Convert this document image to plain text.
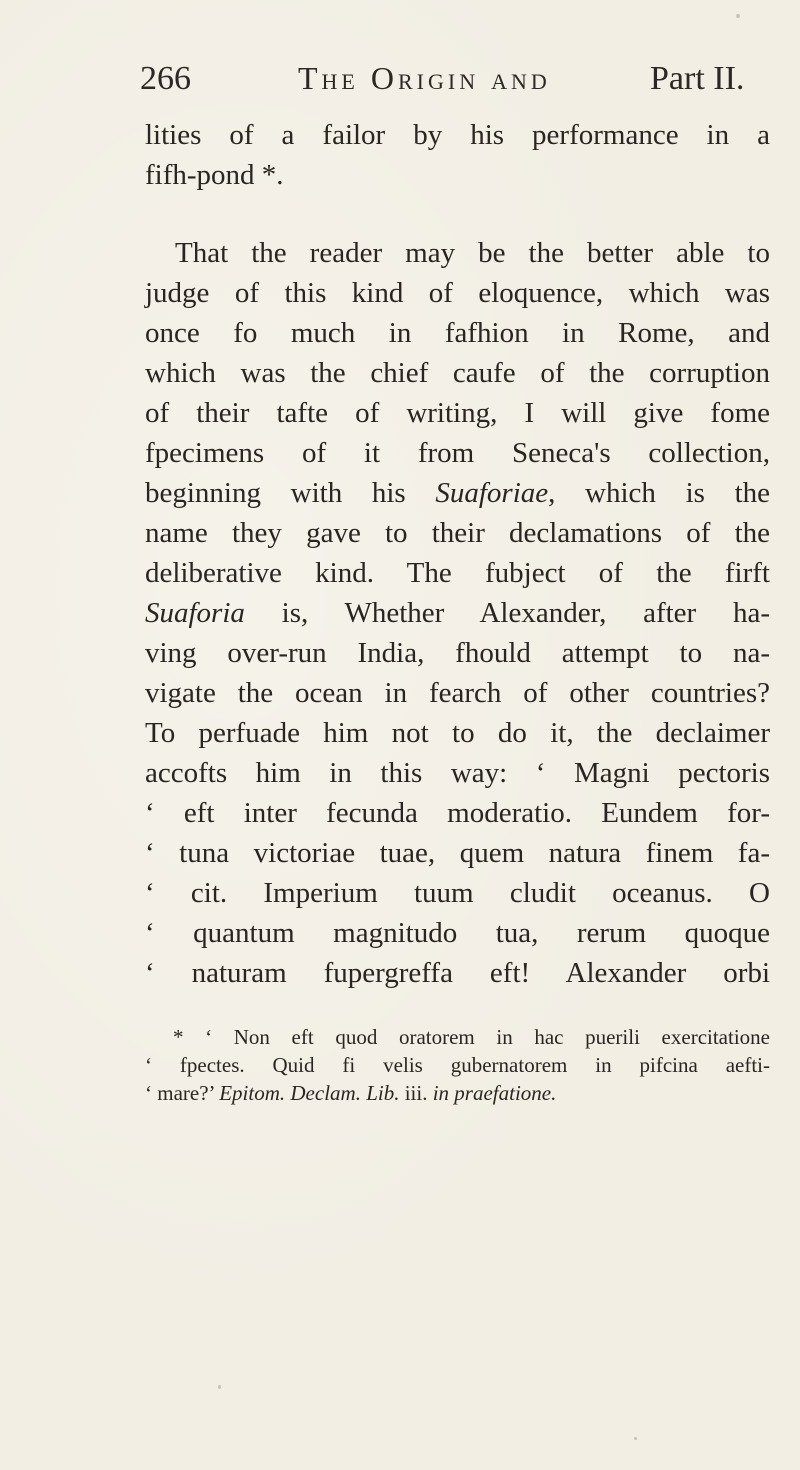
266	The Origin and	Part II.
lities of a failor by his performance in a
fifh-pond *.
That the reader may be the better able to
judge of this kind of eloquence, which was
once fo much in fafhion in Rome, and
which was the chief caufe of the corruption
of their tafte of writing, I will give fome
fpecimens of it from Seneca's collection,
beginning with his Suaforiae, which is the
name they gave to their declamations of the
deliberative kind. The fubject of the firft
Suaforia is, Whether Alexander, after ha-
ving over-run India, fhould attempt to na-
vigate the ocean in fearch of other countries?
To perfuade him not to do it, the declaimer
accofts him in this way: ‘ Magni pectoris
‘ eft inter fecunda moderatio. Eundem for-
‘ tuna victoriae tuae, quem natura finem fa-
‘ cit. Imperium tuum cludit oceanus. O
‘ quantum magnitudo tua, rerum quoque
‘ naturam fupergreffa eft! Alexander orbi
* ‘ Non eft quod oratorem in hac puerili exercitatione
‘ fpectes. Quid fi velis gubernatorem in pifcina aefti-
‘ mare?’ Epitom. Declam. Lib. iii. in praefatione.
